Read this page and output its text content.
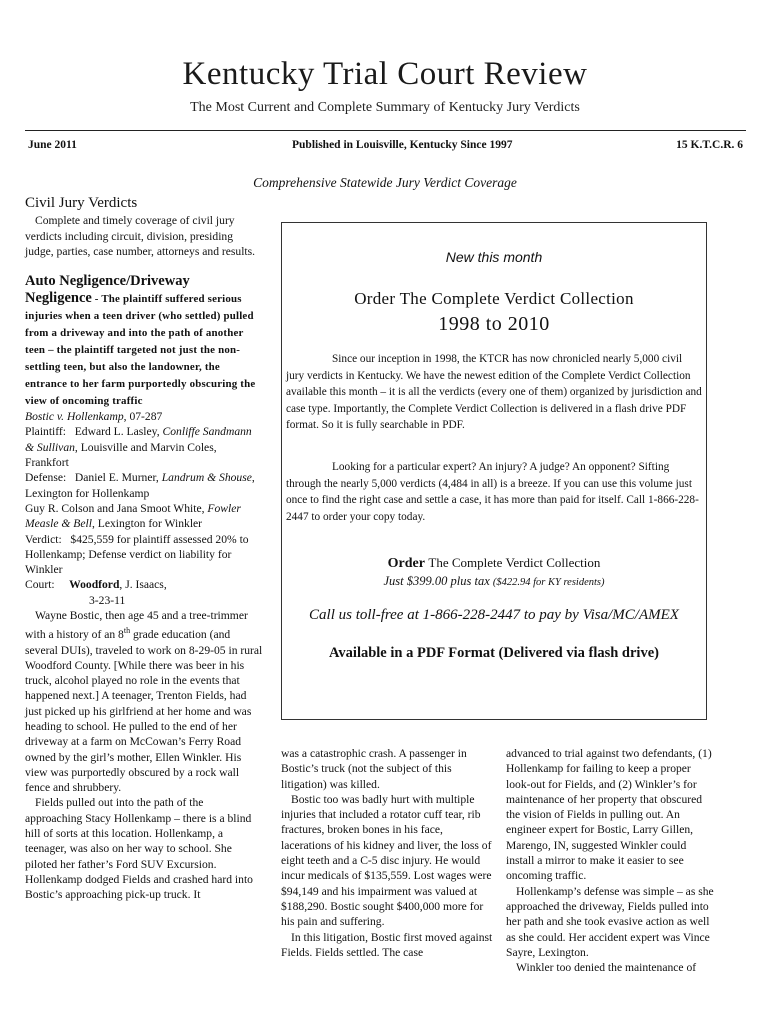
Kentucky Trial Court Review
The Most Current and Complete Summary of Kentucky Jury Verdicts
June 2011	Published in Louisville, Kentucky Since 1997	15 K.T.C.R. 6
Comprehensive Statewide Jury Verdict Coverage
Civil Jury Verdicts

Complete and timely coverage of civil jury verdicts including circuit, division, presiding judge, parties, case number, attorneys and results.

Auto Negligence/Driveway
Negligence - The plaintiff suffered serious injuries when a teen driver (who settled) pulled from a driveway and into the path of another teen – the plaintiff targeted not just the non-settling teen, but also the landowner, the entrance to her farm purportedly obscuring the view of oncoming traffic

Bostic v. Hollenkamp, 07-287

Plaintiff: Edward L. Lasley, Conliffe Sandmann & Sullivan, Louisville and Marvin Coles, Frankfort

Defense: Daniel E. Murner, Landrum & Shouse, Lexington for Hollenkamp

Guy R. Colson and Jana Smoot White, Fowler Measle & Bell, Lexington for Winkler

Verdict: $425,559 for plaintiff assessed 20% to Hollenkamp; Defense verdict on liability for Winkler

Court: Woodford, J. Isaacs,

3-23-11

Wayne Bostic, then age 45 and a tree-trimmer with a history of an 8th grade education (and several DUIs), traveled to work on 8-29-05 in rural Woodford County. [While there was beer in his truck, alcohol played no role in the events that happened next.] A teenager, Trenton Fields, had just picked up his girlfriend at her home and was heading to school. He pulled to the end of her driveway at a farm on McCowan’s Ferry Road owned by the girl’s mother, Ellen Winkler. His view was purportedly obscured by a rock wall fence and shrubbery.

Fields pulled out into the path of the approaching Stacy Hollenkamp – there is a blind hill of sorts at this location. Hollenkamp, a teenager, was also on her way to school. She piloted her father’s Ford SUV Excursion. Hollenkamp dodged Fields and crashed hard into Bostic’s approaching pick-up truck. It

New this month
Order The Complete Verdict Collection
1998 to 2010

Since our inception in 1998, the KTCR has now chronicled nearly 5,000 civil jury verdicts in Kentucky. We have the newest edition of the Complete Verdict Collection available this month – it is all the verdicts (every one of them) organized by jurisdiction and case type. Importantly, the Complete Verdict Collection is delivered in a flash drive PDF format. So it is fully searchable in PDF.

Looking for a particular expert? An injury? A judge? An opponent? Sifting through the nearly 5,000 verdicts (4,484 in all) is a breeze. If you can use this volume just once to find the right case and settle a case, it has more than paid for itself. Call 1-866-228-2447 to order your copy today.

Order The Complete Verdict Collection
Just $399.00 plus tax ($422.94 for KY residents)
Call us toll-free at 1-866-228-2447 to pay by Visa/MC/AMEX
Available in a PDF Format (Delivered via flash drive)

was a catastrophic crash. A passenger in Bostic’s truck (not the subject of this litigation) was killed.

Bostic too was badly hurt with multiple injuries that included a rotator cuff tear, rib fractures, broken bones in his face, lacerations of his kidney and liver, the loss of eight teeth and a C-5 disc injury. He would incur medicals of $135,559. Lost wages were $94,149 and his impairment was valued at $188,290. Bostic sought $400,000 more for his pain and suffering.

In this litigation, Bostic first moved against Fields. Fields settled. The case

advanced to trial against two defendants, (1) Hollenkamp for failing to keep a proper look-out for Fields, and (2) Winkler’s for maintenance of her property that obscured the vision of Fields in pulling out. An engineer expert for Bostic, Larry Gillen, Marengo, IN, suggested Winkler could install a mirror to make it easier to see oncoming traffic.

Hollenkamp’s defense was simple – as she approached the driveway, Fields pulled into her path and she took evasive action as well as she could. Her accident expert was Vince Sayre, Lexington.

Winkler too denied the maintenance of
